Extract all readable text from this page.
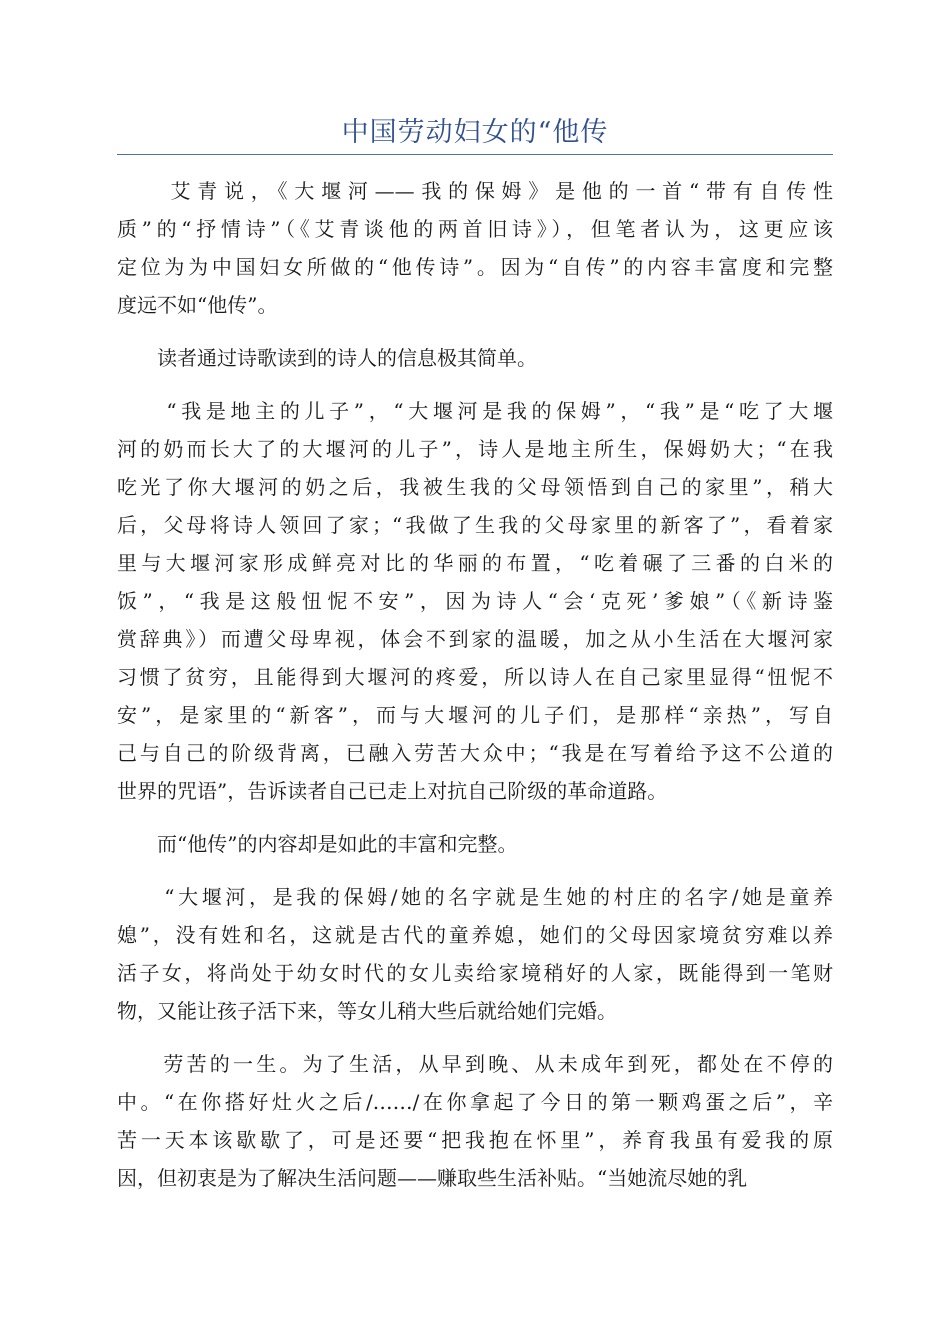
中国劳动妇女的“他传

　　艾青说，《大堰河——我的保姆》是他的一首“带有自传性
质”的“抒情诗”（《艾青谈他的两首旧诗》），但笔者认为，这更应该
定位为为中国妇女所做的“他传诗”。因为“自传”的内容丰富度和完整
度远不如“他传”。

　　读者通过诗歌读到的诗人的信息极其简单。

　　“我是地主的儿子”，“大堰河是我的保姆”，“我”是“吃了大堰
河的奶而长大了的大堰河的儿子”，诗人是地主所生，保姆奶大；“在我
吃光了你大堰河的奶之后，我被生我的父母领悟到自己的家里”，稍大
后，父母将诗人领回了家；“我做了生我的父母家里的新客了”，看着家
里与大堰河家形成鲜亮对比的华丽的布置，“吃着碾了三番的白米的
饭”，“我是这般忸怩不安”，因为诗人“会‘克死’爹娘”（《新诗鉴
赏辞典》）而遭父母卑视，体会不到家的温暖，加之从小生活在大堰河家
习惯了贫穷，且能得到大堰河的疼爱，所以诗人在自己家里显得“忸怩不
安”，是家里的“新客”，而与大堰河的儿子们，是那样“亲热”，写自
己与自己的阶级背离，已融入劳苦大众中；“我是在写着给予这不公道的
世界的咒语”，告诉读者自己已走上对抗自己阶级的革命道路。

　　而“他传”的内容却是如此的丰富和完整。

　　“大堰河，是我的保姆/她的名字就是生她的村庄的名字/她是童养
媳”，没有姓和名，这就是古代的童养媳，她们的父母因家境贫穷难以养
活子女，将尚处于幼女时代的女儿卖给家境稍好的人家，既能得到一笔财
物，又能让孩子活下来，等女儿稍大些后就给她们完婚。

　　劳苦的一生。为了生活，从早到晚、从未成年到死，都处在不停的
中。“在你搭好灶火之后/……/在你拿起了今日的第一颗鸡蛋之后”，辛
苦一天本该歇歇了，可是还要“把我抱在怀里”，养育我虽有爱我的原
因，但初衷是为了解决生活问题——赚取些生活补贴。“当她流尽她的乳
